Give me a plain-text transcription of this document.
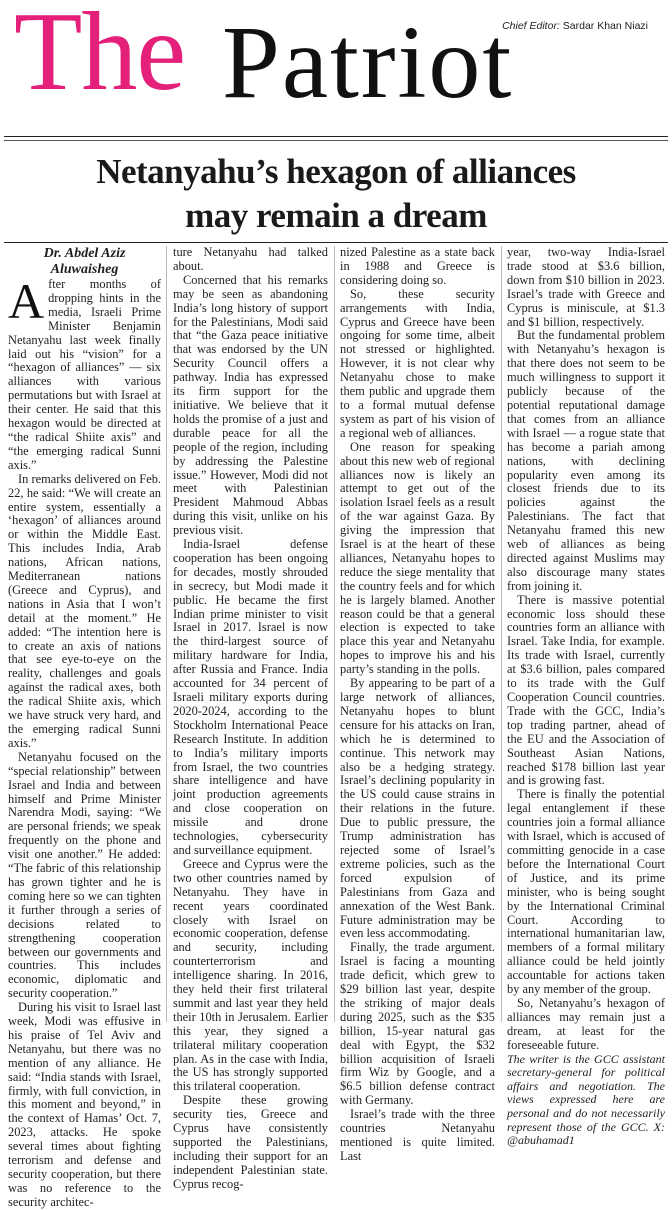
The Patriot
Chief Editor: Sardar Khan Niazi
Netanyahu’s hexagon of alliances
may remain a dream

Dr. Abdel Aziz
Aluwaisheg

After months of dropping hints in the media, Israeli Prime Minister Benjamin Netanyahu last week finally laid out his “vision” for a “hexagon of alliances” — six alliances with various permutations but with Israel at their center. He said that this hexagon would be directed at “the radical Shiite axis” and “the emerging radical Sunni axis.”

In remarks delivered on Feb. 22, he said: “We will create an entire system, essentially a ‘hexagon’ of alliances around or within the Middle East. This includes India, Arab nations, African nations, Mediterranean nations (Greece and Cyprus), and nations in Asia that I won’t detail at the moment.” He added: “The intention here is to create an axis of nations that see eye-to-eye on the reality, challenges and goals against the radical axes, both the radical Shiite axis, which we have struck very hard, and the emerging radical Sunni axis.”

Netanyahu focused on the “special relationship” between Israel and India and between himself and Prime Minister Narendra Modi, saying: “We are personal friends; we speak frequently on the phone and visit one another.” He added: “The fabric of this relationship has grown tighter and he is coming here so we can tighten it further through a series of decisions related to strengthening cooperation between our governments and countries. This includes economic, diplomatic and security cooperation.”

During his visit to Israel last week, Modi was effusive in his praise of Tel Aviv and Netanyahu, but there was no mention of any alliance. He said: “India stands with Israel, firmly, with full conviction, in this moment and beyond,” in the context of Hamas’ Oct. 7, 2023, attacks. He spoke several times about fighting terrorism and defense and security cooperation, but there was no reference to the security architec-

ture Netanyahu had talked about.

Concerned that his remarks may be seen as abandoning India’s long history of support for the Palestinians, Modi said that “the Gaza peace initiative that was endorsed by the UN Security Council offers a pathway. India has expressed its firm support for the initiative. We believe that it holds the promise of a just and durable peace for all the people of the region, including by addressing the Palestine issue.” However, Modi did not meet with Palestinian President Mahmoud Abbas during this visit, unlike on his previous visit.

India-Israel defense cooperation has been ongoing for decades, mostly shrouded in secrecy, but Modi made it public. He became the first Indian prime minister to visit Israel in 2017. Israel is now the third-largest source of military hardware for India, after Russia and France. India accounted for 34 percent of Israeli military exports during 2020-2024, according to the Stockholm International Peace Research Institute. In addition to India’s military imports from Israel, the two countries share intelligence and have joint production agreements and close cooperation on missile and drone technologies, cybersecurity and surveillance equipment.

Greece and Cyprus were the two other countries named by Netanyahu. They have in recent years coordinated closely with Israel on economic cooperation, defense and security, including counterterrorism and intelligence sharing. In 2016, they held their first trilateral summit and last year they held their 10th in Jerusalem. Earlier this year, they signed a trilateral military cooperation plan. As in the case with India, the US has strongly supported this trilateral cooperation.

Despite these growing security ties, Greece and Cyprus have consistently supported the Palestinians, including their support for an independent Palestinian state. Cyprus recog-

nized Palestine as a state back in 1988 and Greece is considering doing so.

So, these security arrangements with India, Cyprus and Greece have been ongoing for some time, albeit not stressed or highlighted. However, it is not clear why Netanyahu chose to make them public and upgrade them to a formal mutual defense system as part of his vision of a regional web of alliances.

One reason for speaking about this new web of regional alliances now is likely an attempt to get out of the isolation Israel feels as a result of the war against Gaza. By giving the impression that Israel is at the heart of these alliances, Netanyahu hopes to reduce the siege mentality that the country feels and for which he is largely blamed. Another reason could be that a general election is expected to take place this year and Netanyahu hopes to improve his and his party’s standing in the polls.

By appearing to be part of a large network of alliances, Netanyahu hopes to blunt censure for his attacks on Iran, which he is determined to continue. This network may also be a hedging strategy. Israel’s declining popularity in the US could cause strains in their relations in the future. Due to public pressure, the Trump administration has rejected some of Israel’s extreme policies, such as the forced expulsion of Palestinians from Gaza and annexation of the West Bank. Future administration may be even less accommodating.

Finally, the trade argument. Israel is facing a mounting trade deficit, which grew to $29 billion last year, despite the striking of major deals during 2025, such as the $35 billion, 15-year natural gas deal with Egypt, the $32 billion acquisition of Israeli firm Wiz by Google, and a $6.5 billion defense contract with Germany.

Israel’s trade with the three countries Netanyahu mentioned is quite limited. Last

year, two-way India-Israel trade stood at $3.6 billion, down from $10 billion in 2023. Israel’s trade with Greece and Cyprus is miniscule, at $1.3 and $1 billion, respectively.

But the fundamental problem with Netanyahu’s hexagon is that there does not seem to be much willingness to support it publicly because of the potential reputational damage that comes from an alliance with Israel — a rogue state that has become a pariah among nations, with declining popularity even among its closest friends due to its policies against the Palestinians. The fact that Netanyahu framed this new web of alliances as being directed against Muslims may also discourage many states from joining it.

There is massive potential economic loss should these countries form an alliance with Israel. Take India, for example. Its trade with Israel, currently at $3.6 billion, pales compared to its trade with the Gulf Cooperation Council countries. Trade with the GCC, India’s top trading partner, ahead of the EU and the Association of Southeast Asian Nations, reached $178 billion last year and is growing fast.

There is finally the potential legal entanglement if these countries join a formal alliance with Israel, which is accused of committing genocide in a case before the International Court of Justice, and its prime minister, who is being sought by the International Criminal Court. According to international humanitarian law, members of a formal military alliance could be held jointly accountable for actions taken by any member of the group.

So, Netanyahu’s hexagon of alliances may remain just a dream, at least for the foreseeable future.

The writer is the GCC assistant secretary-general for political affairs and negotiation. The views expressed here are personal and do not necessarily represent those of the GCC. X: @abuhamad1
